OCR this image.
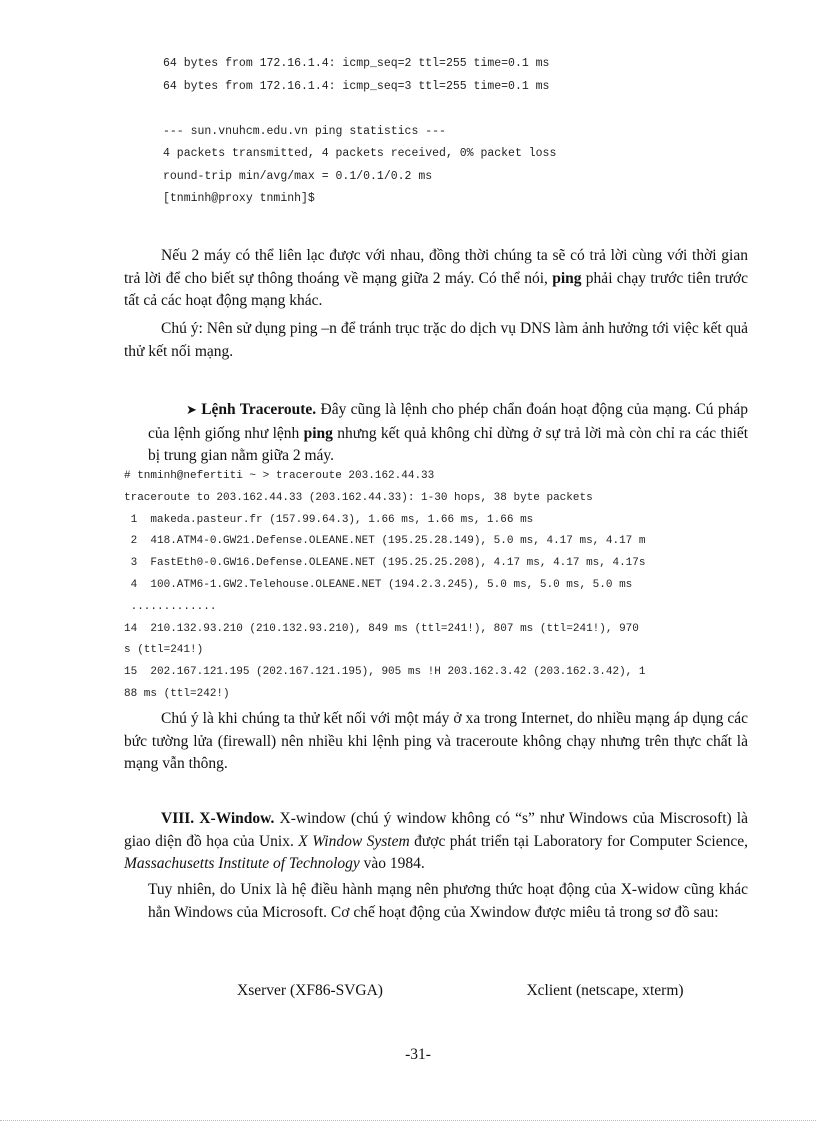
64 bytes from 172.16.1.4: icmp_seq=2 ttl=255 time=0.1 ms
64 bytes from 172.16.1.4: icmp_seq=3 ttl=255 time=0.1 ms

--- sun.vnuhcm.edu.vn ping statistics ---
4 packets transmitted, 4 packets received, 0% packet loss
round-trip min/avg/max = 0.1/0.1/0.2 ms
[tnminh@proxy tnminh]$

Nếu 2 máy có thể liên lạc được với nhau, đồng thời chúng ta sẽ có trả lời cùng với thời gian trả lời để cho biết sự thông thoáng về mạng giữa 2 máy. Có thể nói, ping phải chạy trước tiên trước tất cả các hoạt động mạng khác.

Chú ý: Nên sử dụng ping –n để tránh trục trặc do dịch vụ DNS làm ảnh hưởng tới việc kết quả thử kết nối mạng.

➤ Lệnh Traceroute. Đây cũng là lệnh cho phép chẩn đoán hoạt động của mạng. Cú pháp của lệnh giống như lệnh ping nhưng kết quả không chỉ dừng ở sự trả lời mà còn chỉ ra các thiết bị trung gian nằm giữa 2 máy.

# tnminh@nefertiti ~ > traceroute 203.162.44.33
traceroute to 203.162.44.33 (203.162.44.33): 1-30 hops, 38 byte packets
1  makeda.pasteur.fr (157.99.64.3), 1.66 ms, 1.66 ms, 1.66 ms
2  418.ATM4-0.GW21.Defense.OLEANE.NET (195.25.28.149), 5.0 ms, 4.17 ms, 4.17 m
3  FastEth0-0.GW16.Defense.OLEANE.NET (195.25.25.208), 4.17 ms, 4.17 ms, 4.17s
4  100.ATM6-1.GW2.Telehouse.OLEANE.NET (194.2.3.245), 5.0 ms, 5.0 ms, 5.0 ms
.............
14  210.132.93.210 (210.132.93.210), 849 ms (ttl=241!), 807 ms (ttl=241!), 970
s (ttl=241!)
15  202.167.121.195 (202.167.121.195), 905 ms !H 203.162.3.42 (203.162.3.42), 1
88 ms (ttl=242!)

Chú ý là khi chúng ta thử kết nối với một máy ở xa trong Internet, do nhiều mạng áp dụng các bức tường lửa (firewall) nên nhiều khi lệnh ping và traceroute không chạy nhưng trên thực chất là mạng vẫn thông.

VIII. X-Window. X-window (chú ý window không có “s” như Windows của Miscrosoft) là giao diện đồ họa của Unix. X Window System được phát triển tại Laboratory for Computer Science, Massachusetts Institute of Technology vào 1984.

Tuy nhiên, do Unix là hệ điều hành mạng nên phương thức hoạt động của X-widow cũng khác hẳn Windows của Microsoft. Cơ chế hoạt động của Xwindow được miêu tả trong sơ đồ sau:

Xserver (XF86-SVGA)	Xclient (netscape, xterm)
-31-
